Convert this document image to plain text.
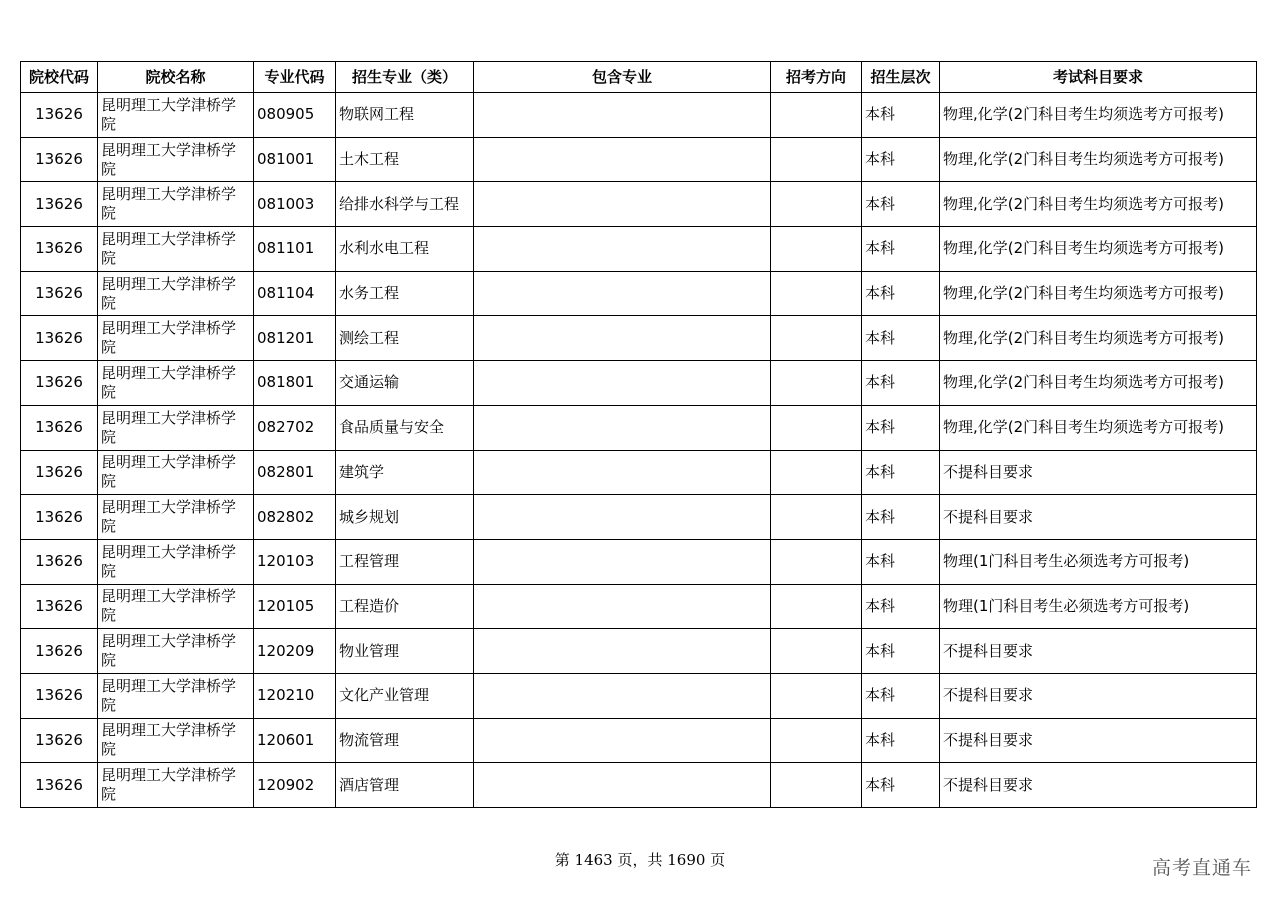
院校代码	院校名称	专业代码	招生专业（类）	包含专业	招考方向	招生层次	考试科目要求
13626	昆明理工大学津桥学院	080905	物联网工程			本科	物理,化学(2门科目考生均须选考方可报考)
13626	昆明理工大学津桥学院	081001	土木工程			本科	物理,化学(2门科目考生均须选考方可报考)
13626	昆明理工大学津桥学院	081003	给排水科学与工程			本科	物理,化学(2门科目考生均须选考方可报考)
13626	昆明理工大学津桥学院	081101	水利水电工程			本科	物理,化学(2门科目考生均须选考方可报考)
13626	昆明理工大学津桥学院	081104	水务工程			本科	物理,化学(2门科目考生均须选考方可报考)
13626	昆明理工大学津桥学院	081201	测绘工程			本科	物理,化学(2门科目考生均须选考方可报考)
13626	昆明理工大学津桥学院	081801	交通运输			本科	物理,化学(2门科目考生均须选考方可报考)
13626	昆明理工大学津桥学院	082702	食品质量与安全			本科	物理,化学(2门科目考生均须选考方可报考)
13626	昆明理工大学津桥学院	082801	建筑学			本科	不提科目要求
13626	昆明理工大学津桥学院	082802	城乡规划			本科	不提科目要求
13626	昆明理工大学津桥学院	120103	工程管理			本科	物理(1门科目考生必须选考方可报考)
13626	昆明理工大学津桥学院	120105	工程造价			本科	物理(1门科目考生必须选考方可报考)
13626	昆明理工大学津桥学院	120209	物业管理			本科	不提科目要求
13626	昆明理工大学津桥学院	120210	文化产业管理			本科	不提科目要求
13626	昆明理工大学津桥学院	120601	物流管理			本科	不提科目要求
13626	昆明理工大学津桥学院	120902	酒店管理			本科	不提科目要求
第 1463 页，共 1690 页	高考直通车
